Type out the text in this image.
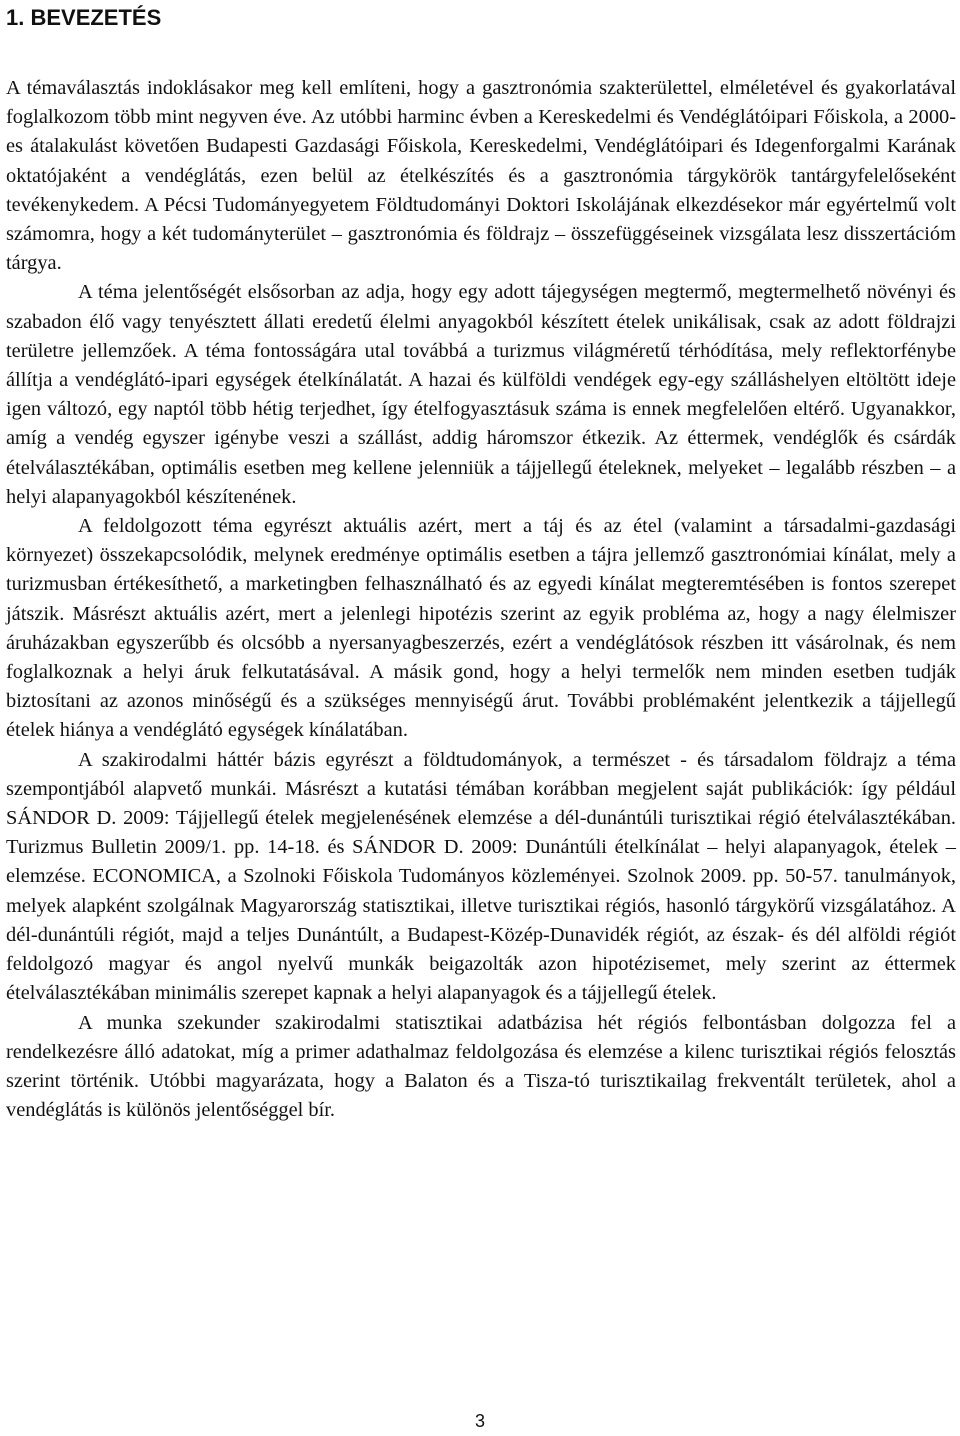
1. BEVEZETÉS

A témaválasztás indoklásakor meg kell említeni, hogy a gasztronómia szakterülettel, elméletével és gyakorlatával foglalkozom több mint negyven éve. Az utóbbi harminc évben a Kereskedelmi és Vendéglátóipari Főiskola, a 2000-es átalakulást követően Budapesti Gazdasági Főiskola, Kereskedelmi, Vendéglátóipari és Idegenforgalmi Karának oktatójaként a vendéglátás, ezen belül az ételkészítés és a gasztronómia tárgykörök tantárgyfelelőseként tevékenykedem. A Pécsi Tudományegyetem Földtudományi Doktori Iskolájának elkezdésekor már egyértelmű volt számomra, hogy a két tudományterület – gasztronómia és földrajz – összefüggéseinek vizsgálata lesz disszertációm tárgya.

A téma jelentőségét elsősorban az adja, hogy egy adott tájegységen megtermő, megtermelhető növényi és szabadon élő vagy tenyésztett állati eredetű élelmi anyagokból készített ételek unikálisak, csak az adott földrajzi területre jellemzőek. A téma fontosságára utal továbbá a turizmus világméretű térhódítása, mely reflektorfénybe állítja a vendéglátó-ipari egységek ételkínálatát. A hazai és külföldi vendégek egy-egy szálláshelyen eltöltött ideje igen változó, egy naptól több hétig terjedhet, így ételfogyasztásuk száma is ennek megfelelően eltérő. Ugyanakkor, amíg a vendég egyszer igénybe veszi a szállást, addig háromszor étkezik. Az éttermek, vendéglők és csárdák ételválasztékában, optimális esetben meg kellene jelenniük a tájjellegű ételeknek, melyeket – legalább részben – a helyi alapanyagokból készítenének.

A feldolgozott téma egyrészt aktuális azért, mert a táj és az étel (valamint a társadalmi-gazdasági környezet) összekapcsolódik, melynek eredménye optimális esetben a tájra jellemző gasztronómiai kínálat, mely a turizmusban értékesíthető, a marketingben felhasználható és az egyedi kínálat megteremtésében is fontos szerepet játszik. Másrészt aktuális azért, mert a jelenlegi hipotézis szerint az egyik probléma az, hogy a nagy élelmiszer áruházakban egyszerűbb és olcsóbb a nyersanyagbeszerzés, ezért a vendéglátósok részben itt vásárolnak, és nem foglalkoznak a helyi áruk felkutatásával. A másik gond, hogy a helyi termelők nem minden esetben tudják biztosítani az azonos minőségű és a szükséges mennyiségű árut. További problémaként jelentkezik a tájjellegű ételek hiánya a vendéglátó egységek kínálatában.

A szakirodalmi háttér bázis egyrészt a földtudományok, a természet - és társadalom földrajz a téma szempontjából alapvető munkái. Másrészt a kutatási témában korábban megjelent saját publikációk: így például SÁNDOR D. 2009: Tájjellegű ételek megjelenésének elemzése a dél-dunántúli turisztikai régió ételválasztékában. Turizmus Bulletin 2009/1. pp. 14-18. és SÁNDOR D. 2009: Dunántúli ételkínálat – helyi alapanyagok, ételek – elemzése. ECONOMICA, a Szolnoki Főiskola Tudományos közleményei. Szolnok 2009. pp. 50-57. tanulmányok, melyek alapként szolgálnak Magyarország statisztikai, illetve turisztikai régiós, hasonló tárgykörű vizsgálatához. A dél-dunántúli régiót, majd a teljes Dunántúlt, a Budapest-Közép-Dunavidék régiót, az észak- és dél alföldi régiót feldolgozó magyar és angol nyelvű munkák beigazolták azon hipotézisemet, mely szerint az éttermek ételválasztékában minimális szerepet kapnak a helyi alapanyagok és a tájjellegű ételek.

A munka szekunder szakirodalmi statisztikai adatbázisa hét régiós felbontásban dolgozza fel a rendelkezésre álló adatokat, míg a primer adathalmaz feldolgozása és elemzése a kilenc turisztikai régiós felosztás szerint történik. Utóbbi magyarázata, hogy a Balaton és a Tisza-tó turisztikailag frekventált területek, ahol a vendéglátás is különös jelentőséggel bír.

3
